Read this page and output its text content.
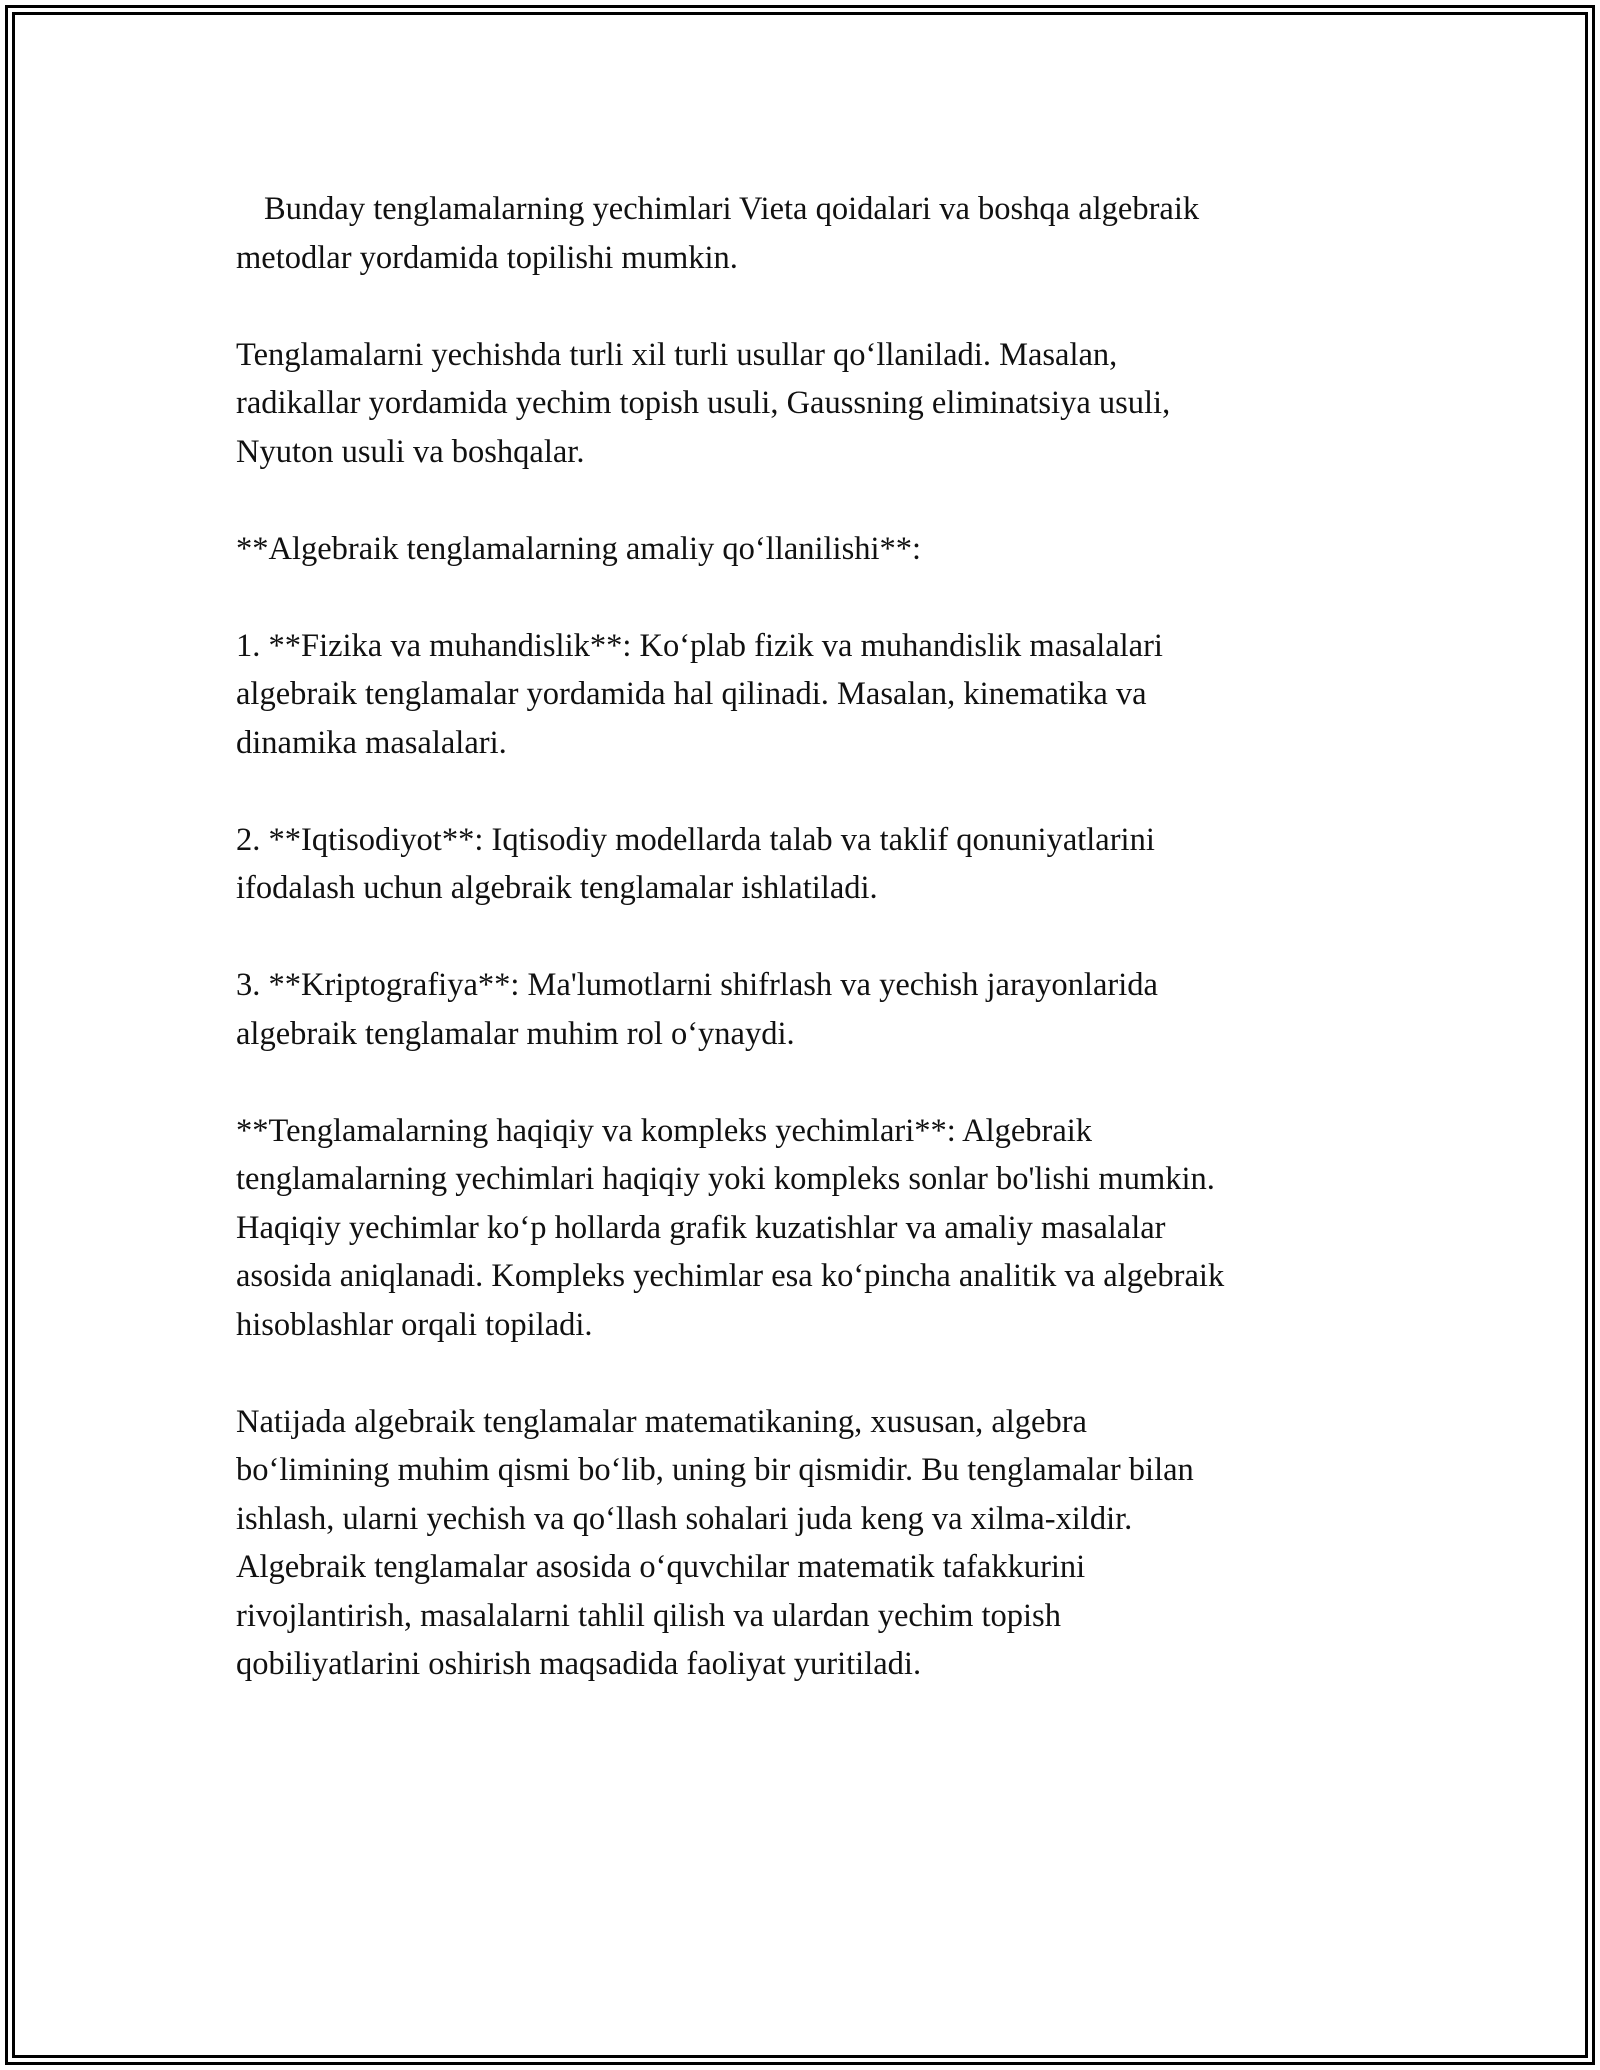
Bunday tenglamalarning yechimlari Vieta qoidalari va boshqa algebraik
metodlar yordamida topilishi mumkin.

Tenglamalarni yechishda turli xil turli usullar qo‘llaniladi. Masalan,
radikallar yordamida yechim topish usuli, Gaussning eliminatsiya usuli,
Nyuton usuli va boshqalar.

**Algebraik tenglamalarning amaliy qo‘llanilishi**:

1. **Fizika va muhandislik**: Ko‘plab fizik va muhandislik masalalari
algebraik tenglamalar yordamida hal qilinadi. Masalan, kinematika va
dinamika masalalari.

2. **Iqtisodiyot**: Iqtisodiy modellarda talab va taklif qonuniyatlarini
ifodalash uchun algebraik tenglamalar ishlatiladi.

3. **Kriptografiya**: Ma'lumotlarni shifrlash va yechish jarayonlarida
algebraik tenglamalar muhim rol o‘ynaydi.

**Tenglamalarning haqiqiy va kompleks yechimlari**: Algebraik
tenglamalarning yechimlari haqiqiy yoki kompleks sonlar bo'lishi mumkin.
Haqiqiy yechimlar ko‘p hollarda grafik kuzatishlar va amaliy masalalar
asosida aniqlanadi. Kompleks yechimlar esa ko‘pincha analitik va algebraik
hisoblashlar orqali topiladi.

Natijada algebraik tenglamalar matematikaning, xususan, algebra
bo‘limining muhim qismi bo‘lib, uning bir qismidir. Bu tenglamalar bilan
ishlash, ularni yechish va qo‘llash sohalari juda keng va xilma-xildir.
Algebraik tenglamalar asosida o‘quvchilar matematik tafakkurini
rivojlantirish, masalalarni tahlil qilish va ulardan yechim topish
qobiliyatlarini oshirish maqsadida faoliyat yuritiladi.
